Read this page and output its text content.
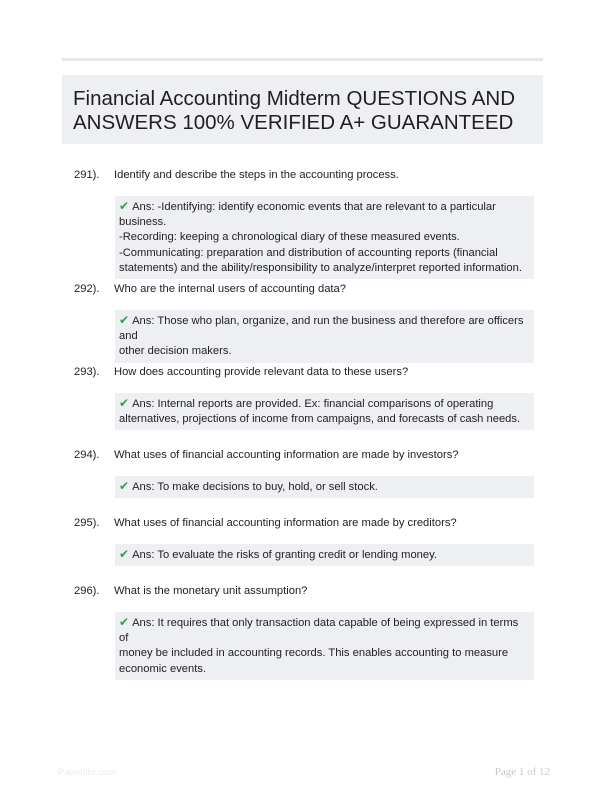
Financial Accounting Midterm QUESTIONS AND ANSWERS 100% VERIFIED A+ GUARANTEED
291).	Identify and describe the steps in the accounting process.
✔ Ans: -Identifying: identify economic events that are relevant to a particular business.
-Recording: keeping a chronological diary of these measured events.
-Communicating: preparation and distribution of accounting reports (financial
statements) and the ability/responsibility to analyze/interpret reported information.
292).	Who are the internal users of accounting data?
✔ Ans: Those who plan, organize, and run the business and therefore are officers and
other decision makers.
293).	How does accounting provide relevant data to these users?
✔ Ans: Internal reports are provided. Ex: financial comparisons of operating
alternatives, projections of income from campaigns, and forecasts of cash needs.
294).	What uses of financial accounting information are made by investors?
✔ Ans: To make decisions to buy, hold, or sell stock.
295).	What uses of financial accounting information are made by creditors?
✔ Ans: To evaluate the risks of granting credit or lending money.
296).	What is the monetary unit assumption?
✔ Ans: It requires that only transaction data capable of being expressed in terms of
money be included in accounting records. This enables accounting to measure
economic events.
Paperlibr.com	Page 1 of 12
